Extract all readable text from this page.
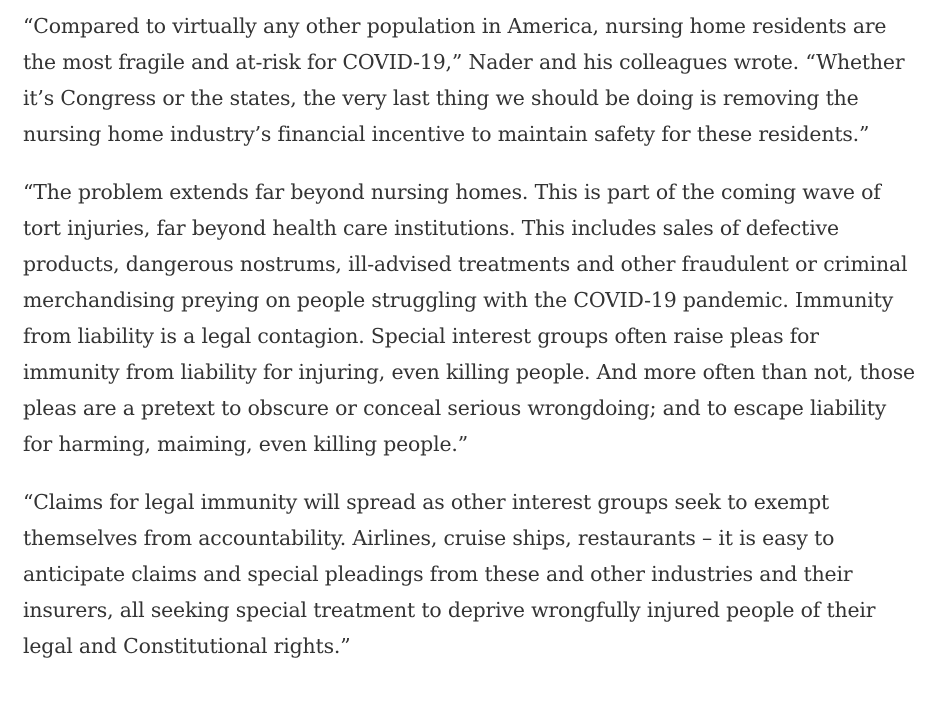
“Compared to virtually any other population in America, nursing home residents are the most fragile and at-risk for COVID-19,” Nader and his colleagues wrote. “Whether it’s Congress or the states, the very last thing we should be doing is removing the nursing home industry’s financial incentive to maintain safety for these residents.”

“The problem extends far beyond nursing homes. This is part of the coming wave of tort injuries, far beyond health care institutions. This includes sales of defective products, dangerous nostrums, ill-advised treatments and other fraudulent or criminal merchandising preying on people struggling with the COVID-19 pandemic. Immunity from liability is a legal contagion. Special interest groups often raise pleas for immunity from liability for injuring, even killing people. And more often than not, those pleas are a pretext to obscure or conceal serious wrongdoing; and to escape liability for harming, maiming, even killing people.”

“Claims for legal immunity will spread as other interest groups seek to exempt themselves from accountability. Airlines, cruise ships, restaurants – it is easy to anticipate claims and special pleadings from these and other industries and their insurers, all seeking special treatment to deprive wrongfully injured people of their legal and Constitutional rights.”
